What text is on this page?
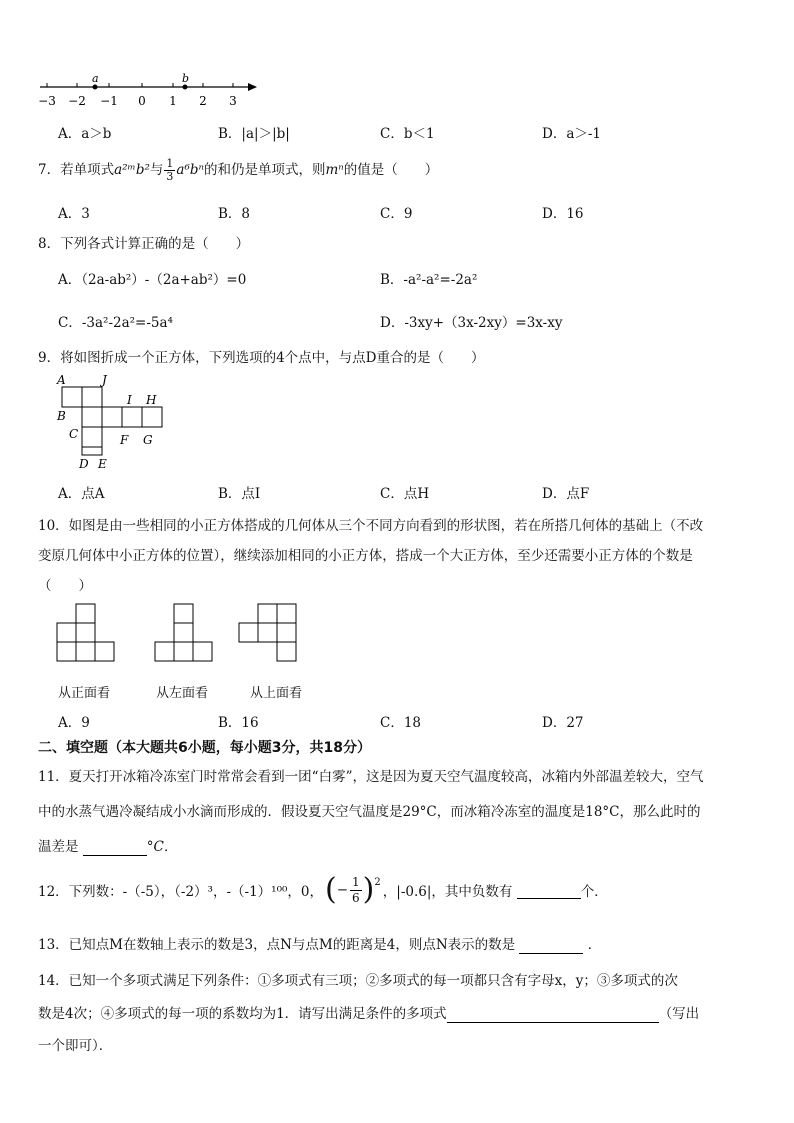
a	b
−3 −2 −1 0 1 2 3
A．a＞b	B．|a|＞|b|	C．b＜1	D．a＞-1
7．若单项式a²ᵐb²与 $\frac{1}{3} a^6b^n$的和仍是单项式，则mⁿ的值是（　　）
A．3	B．8	C．9	D．16
8．下列各式计算正确的是（　　）
A．（2a-ab²）-（2a+ab²）=0	B．-a²-a²=-2a²
C．-3a²-2a²=-5a⁴	D．-3xy+（3x-2xy）=3x-xy
9．将如图折成一个正方体，下列选项的4个点中，与点D重合的是（　　）
A	J
B
I H
C	F G
D E
A．点A	B．点I	C．点H	D．点F
10．如图是由一些相同的小正方体搭成的几何体从三个不同方向看到的形状图，若在所搭几何体的基础上（不改
变原几何体中小正方体的位置），继续添加相同的小正方体，搭成一个大正方体，至少还需要小正方体的个数是
（　　）
从正面看	从左面看	从上面看
A．9	B．16	C．18	D．27
二、填空题（本大题共6小题，每小题3分，共18分）
11．夏天打开冰箱冷冻室门时常常会看到一团“白雾”，这是因为夏天空气温度较高，冰箱内外部温差较大，空气
中的水蒸气遇冷凝结成小水滴而形成的．假设夏天空气温度是29°C，而冰箱冷冻室的温度是18°C，那么此时的
温差是	°C．
12．下列数：-（-5），（-2）³，-（-1）¹⁰⁰，0， ( − $\frac{1}{6}$ ) 2
，|-0.6|，其中负数有

	个．
13．已知点M在数轴上表示的数是3，点N与点M的距离是4，则点N表示的数是	．
14．已知一个多项式满足下列条件：①多项式有三项；②多项式的每一项都只含有字母x，y；③多项式的次
数是4次；④多项式的每一项的系数均为1．请写出满足条件的多项式	（写出
一个即可）．
